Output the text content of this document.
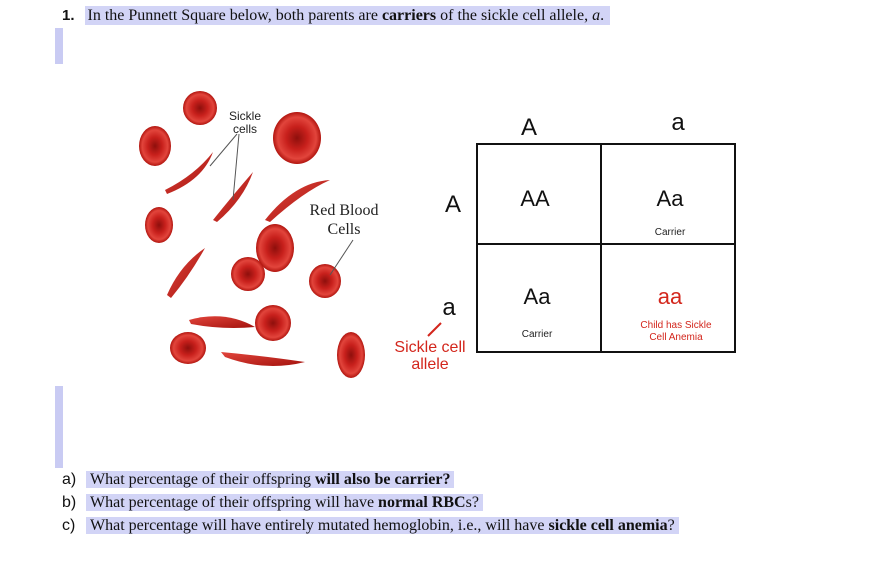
1. In the Punnett Square below, both parents are carriers of the sickle cell allele, a.
Sickle
cells
Red Blood
Cells
A	a
A
a
Sickle cell
allele
AA	Aa
Carrier
Aa
Carrier
aa
Child has Sickle
Cell Anemia
a) What percentage of their offspring will also be carrier?
b) What percentage of their offspring will have normal RBCs?
c) What percentage will have entirely mutated hemoglobin, i.e., will have sickle cell anemia?
